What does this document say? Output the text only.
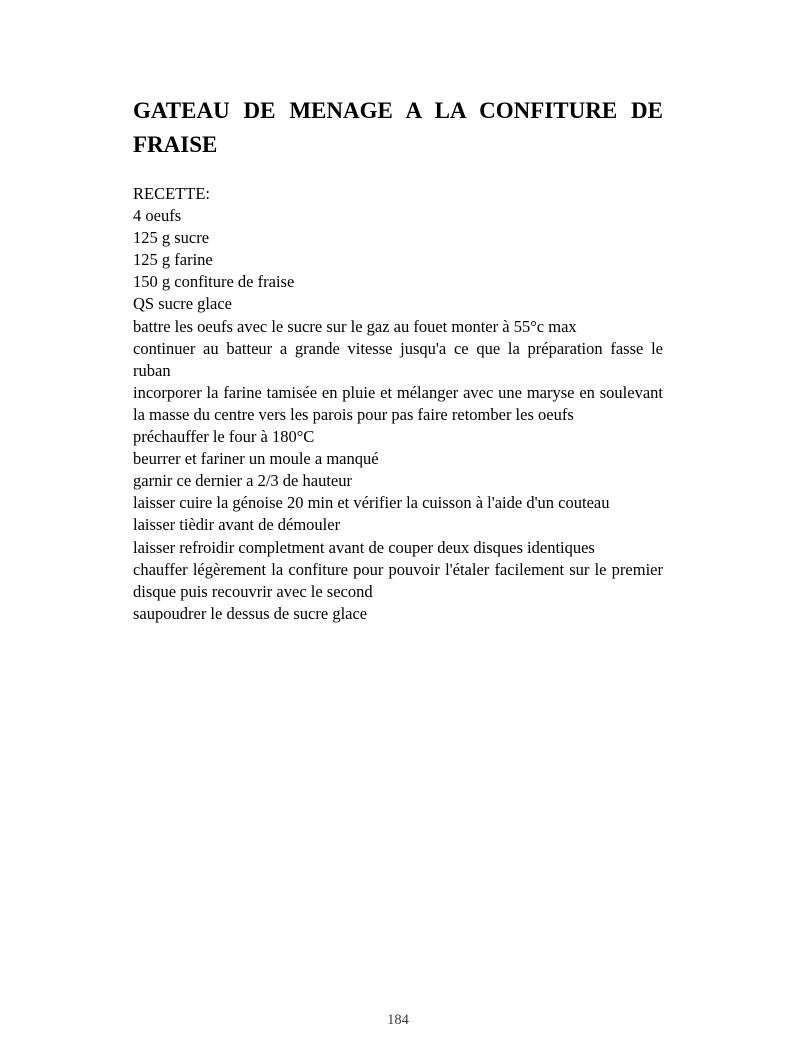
GATEAU DE MENAGE A LA CONFITURE DE FRAISE
RECETTE:
4 oeufs
125 g sucre
125 g farine
150 g confiture de fraise
QS sucre glace
battre les oeufs avec le sucre sur le gaz au fouet monter à 55°c max
continuer au batteur a grande vitesse jusqu'a ce que la préparation fasse le
ruban
incorporer la farine tamisée en pluie et mélanger avec une maryse en soulevant
la masse du centre vers les parois pour pas faire retomber les oeufs
préchauffer le four à 180°C
beurrer et fariner un moule a manqué
garnir ce dernier a 2/3 de hauteur
laisser cuire la génoise 20 min et vérifier la cuisson à l'aide d'un couteau
laisser tièdir avant de démouler
laisser refroidir completment avant de couper deux disques identiques
chauffer légèrement la confiture pour pouvoir l'étaler facilement sur le premier
disque puis recouvrir avec le second
saupoudrer le dessus de sucre glace
184
